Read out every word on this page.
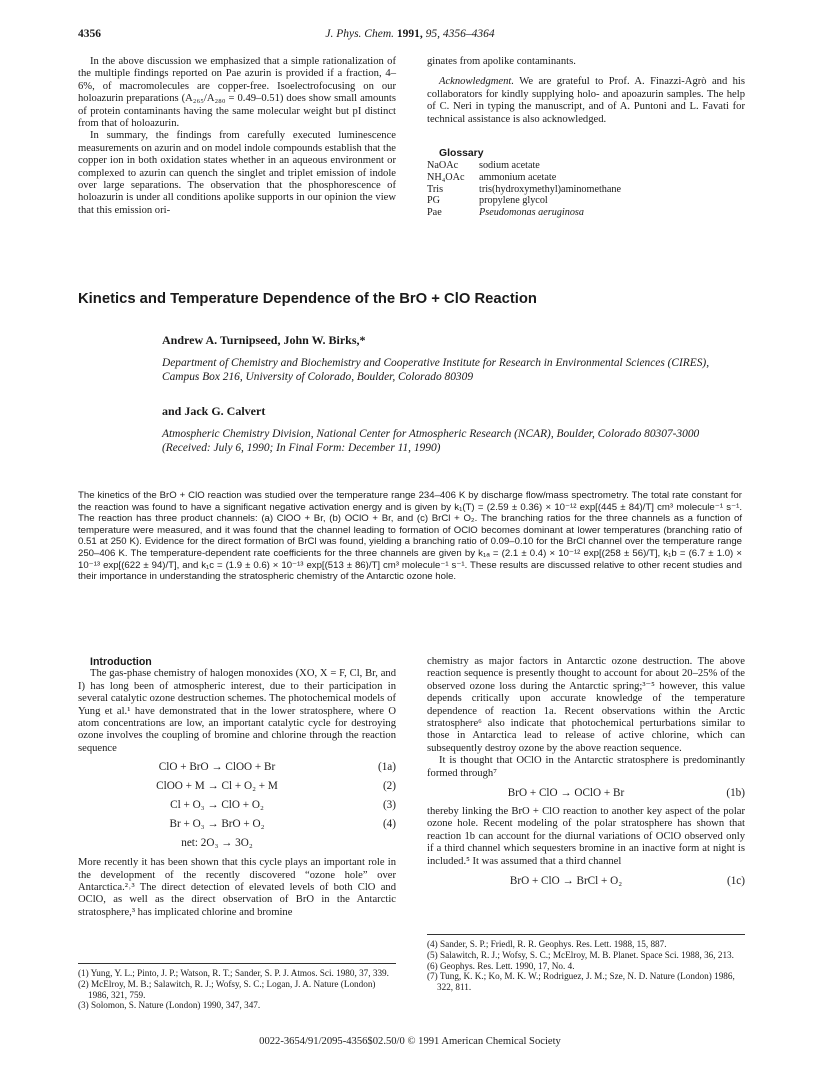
4356	J. Phys. Chem. 1991, 95, 4356–4364

In the above discussion we emphasized that a simple rationalization of the multiple findings reported on Pae azurin is provided if a fraction, 4–6%, of macromolecules are copper-free. Isoelectrofocusing on our holoazurin preparations (A₂₆₅/A₂₈₀ = 0.49–0.51) does show small amounts of protein contaminants having the same molecular weight but pI distinct from that of holoazurin.

In summary, the findings from carefully executed luminescence measurements on azurin and on model indole compounds establish that the copper ion in both oxidation states whether in an aqueous environment or complexed to azurin can quench the singlet and triplet emission of indole over large separations. The observation that the phosphorescence of holoazurin is under all conditions apolike supports in our opinion the view that this emission ori-

ginates from apolike contaminants.

Acknowledgment. We are grateful to Prof. A. Finazzi-Agrò and his collaborators for kindly supplying holo- and apoazurin samples. The help of C. Neri in typing the manuscript, and of A. Puntoni and L. Favati for technical assistance is also acknowledged.

Glossary

NaOAc	sodium acetate
NH₄OAc	ammonium acetate
Tris	tris(hydroxymethyl)aminomethane
PG	propylene glycol
Pae	Pseudomonas aeruginosa
Kinetics and Temperature Dependence of the BrO + ClO Reaction
Andrew A. Turnipseed, John W. Birks,*
Department of Chemistry and Biochemistry and Cooperative Institute for Research in Environmental Sciences (CIRES), Campus Box 216, University of Colorado, Boulder, Colorado 80309
and Jack G. Calvert
Atmospheric Chemistry Division, National Center for Atmospheric Research (NCAR), Boulder, Colorado 80307-3000 (Received: July 6, 1990; In Final Form: December 11, 1990)
The kinetics of the BrO + ClO reaction was studied over the temperature range 234–406 K by discharge flow/mass spectrometry. The total rate constant for the reaction was found to have a significant negative activation energy and is given by k₁(T) = (2.59 ± 0.36) × 10⁻¹² exp[(445 ± 84)/T] cm³ molecule⁻¹ s⁻¹. The reaction has three product channels: (a) ClOO + Br, (b) OClO + Br, and (c) BrCl + O₂. The branching ratios for the three channels as a function of temperature were measured, and it was found that the channel leading to formation of OClO becomes dominant at lower temperatures (branching ratio of 0.51 at 250 K). Evidence for the direct formation of BrCl was found, yielding a branching ratio of 0.09–0.10 for the BrCl channel over the temperature range 250–406 K. The temperature-dependent rate coefficients for the three channels are given by k₁ₐ = (2.1 ± 0.4) × 10⁻¹² exp[(258 ± 56)/T], k₁b = (6.7 ± 1.0) × 10⁻¹³ exp[(622 ± 94)/T], and k₁c = (1.9 ± 0.6) × 10⁻¹³ exp[(513 ± 86)/T] cm³ molecule⁻¹ s⁻¹. These results are discussed relative to other recent studies and their importance in understanding the stratospheric chemistry of the Antarctic ozone hole.

Introduction

The gas-phase chemistry of halogen monoxides (XO, X = F, Cl, Br, and I) has long been of atmospheric interest, due to their participation in several catalytic ozone destruction schemes. The photochemical models of Yung et al.¹ have demonstrated that in the lower stratosphere, where O atom concentrations are low, an important catalytic cycle for destroying ozone involves the coupling of bromine and chlorine through the reaction sequence

ClO + BrO → ClOO + Br	(1a)
ClOO + M → Cl + O₂ + M	(2)
Cl + O₃ → ClO + O₂	(3)
Br + O₃ → BrO + O₂	(4)
net: 2O₃ → 3O₂

More recently it has been shown that this cycle plays an important role in the development of the recently discovered “ozone hole” over Antarctica.²˒³ The direct detection of elevated levels of both ClO and OClO, as well as the direct observation of BrO in the Antarctic stratosphere,³ has implicated chlorine and bromine

chemistry as major factors in Antarctic ozone destruction. The above reaction sequence is presently thought to account for about 20–25% of the observed ozone loss during the Antarctic spring;³⁻⁵ however, this value depends critically upon accurate knowledge of the temperature dependence of reaction 1a. Recent observations within the Arctic stratosphere⁶ also indicate that photochemical perturbations similar to those in Antarctica lead to release of active chlorine, which can subsequently destroy ozone by the above reaction sequence.

It is thought that OClO in the Antarctic stratosphere is predominantly formed through⁷

BrO + ClO → OClO + Br	(1b)

thereby linking the BrO + ClO reaction to another key aspect of the polar ozone hole. Recent modeling of the polar stratosphere has shown that reaction 1b can account for the diurnal variations of OClO observed only if a third channel which sequesters bromine in an inactive form at night is included.⁵ It was assumed that a third channel

BrO + ClO → BrCl + O₂	(1c)

(1) Yung, Y. L.; Pinto, J. P.; Watson, R. T.; Sander, S. P. J. Atmos. Sci. 1980, 37, 339.

(2) McElroy, M. B.; Salawitch, R. J.; Wofsy, S. C.; Logan, J. A. Nature (London) 1986, 321, 759.

(3) Solomon, S. Nature (London) 1990, 347, 347.

(4) Sander, S. P.; Friedl, R. R. Geophys. Res. Lett. 1988, 15, 887.

(5) Salawitch, R. J.; Wofsy, S. C.; McElroy, M. B. Planet. Space Sci. 1988, 36, 213.

(6) Geophys. Res. Lett. 1990, 17, No. 4.

(7) Tung, K. K.; Ko, M. K. W.; Rodriguez, J. M.; Sze, N. D. Nature (London) 1986, 322, 811.

0022-3654/91/2095-4356$02.50/0 © 1991 American Chemical Society
